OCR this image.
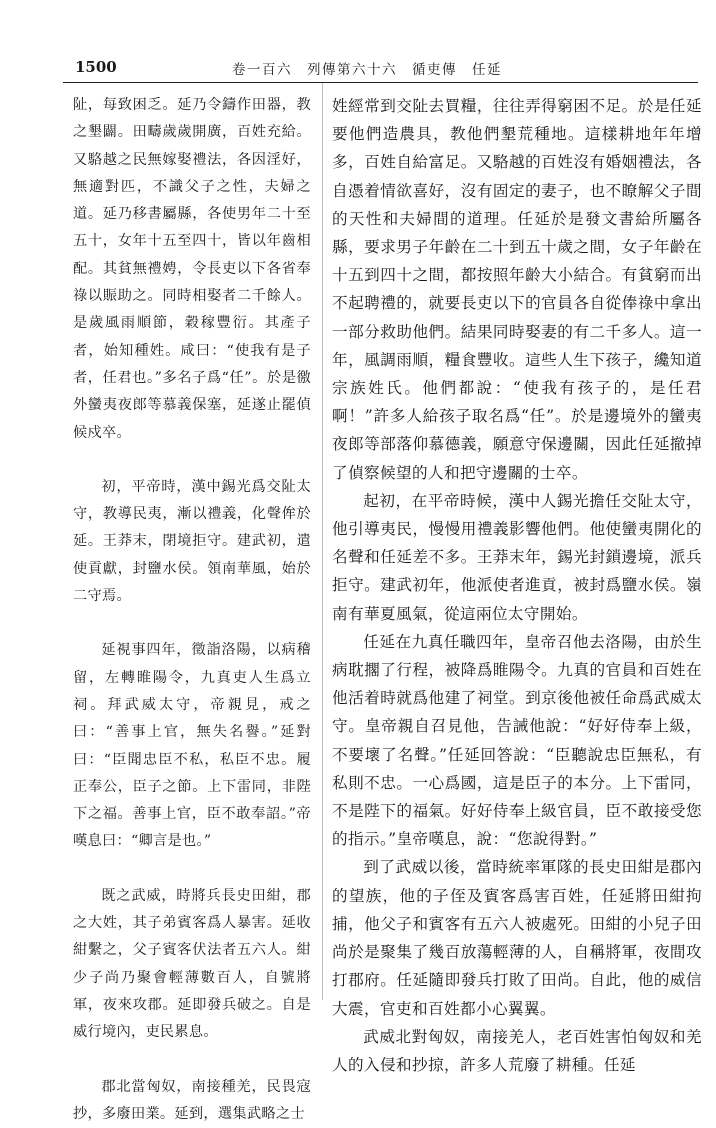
1500	卷一百六　列傳第六十六　循吏傳　任延

阯，每致困乏。延乃令鑄作田器，教之墾闢。田疇歲歲開廣，百姓充給。又駱越之民無嫁娶禮法，各因淫好，無適對匹，不識父子之性，夫婦之道。延乃移書屬縣，各使男年二十至五十，女年十五至四十，皆以年齒相配。其貧無禮娉，令長吏以下各省奉祿以賑助之。同時相娶者二千餘人。是歲風雨順節，穀稼豐衍。其產子者，始知種姓。咸曰：“使我有是子者，任君也。”多名子爲“任”。於是徼外蠻夷夜郎等慕義保塞，延遂止罷偵候戍卒。

初，平帝時，漢中錫光爲交阯太守，教導民夷，漸以禮義，化聲侔於延。王莽末，閉境拒守。建武初，遣使貢獻，封鹽水侯。領南華風，始於二守焉。

延視事四年，徵詣洛陽，以病稽留，左轉睢陽令，九真吏人生爲立祠。拜武威太守，帝親見，戒之曰：“善事上官，無失名譽。”延對曰：“臣聞忠臣不私，私臣不忠。履正奉公，臣子之節。上下雷同，非陛下之福。善事上官，臣不敢奉詔。”帝嘆息曰：“卿言是也。”

既之武威，時將兵長史田紺，郡之大姓，其子弟賓客爲人暴害。延收紺繫之，父子賓客伏法者五六人。紺少子尚乃聚會輕薄數百人，自號將軍，夜來攻郡。延即發兵破之。自是威行境內，吏民累息。

郡北當匈奴，南接種羌，民畏寇抄，多廢田業。延到，選集武略之士

姓經常到交阯去買糧，往往弄得窮困不足。於是任延要他們造農具，教他們墾荒種地。這樣耕地年年增多，百姓自給富足。又駱越的百姓沒有婚姻禮法，各自憑着情欲喜好，沒有固定的妻子，也不瞭解父子間的天性和夫婦間的道理。任延於是發文書給所屬各縣，要求男子年齡在二十到五十歲之間，女子年齡在十五到四十之間，都按照年齡大小結合。有貧窮而出不起聘禮的，就要長吏以下的官員各自從俸祿中拿出一部分救助他們。結果同時娶妻的有二千多人。這一年，風調雨順，糧食豐收。這些人生下孩子，纔知道宗族姓氏。他們都說：“使我有孩子的，是任君啊！”許多人給孩子取名爲“任”。於是邊境外的蠻夷夜郎等部落仰慕德義，願意守保邊關，因此任延撤掉了偵察候望的人和把守邊關的士卒。

起初，在平帝時候，漢中人錫光擔任交阯太守，他引導夷民，慢慢用禮義影響他們。他使蠻夷開化的名聲和任延差不多。王莽末年，錫光封鎖邊境，派兵拒守。建武初年，他派使者進貢，被封爲鹽水侯。嶺南有華夏風氣，從這兩位太守開始。

任延在九真任職四年，皇帝召他去洛陽，由於生病耽擱了行程，被降爲睢陽令。九真的官員和百姓在他活着時就爲他建了祠堂。到京後他被任命爲武威太守。皇帝親自召見他，告誡他說：“好好侍奉上級，不要壞了名聲。”任延回答說：“臣聽說忠臣無私，有私則不忠。一心爲國，這是臣子的本分。上下雷同，不是陛下的福氣。好好侍奉上級官員，臣不敢接受您的指示。”皇帝嘆息，說：“您說得對。”

到了武威以後，當時統率軍隊的長史田紺是郡內的望族，他的子侄及賓客爲害百姓，任延將田紺拘捕，他父子和賓客有五六人被處死。田紺的小兒子田尚於是聚集了幾百放蕩輕薄的人，自稱將軍，夜間攻打郡府。任延隨即發兵打敗了田尚。自此，他的威信大震，官吏和百姓都小心翼翼。

武威北對匈奴，南接羌人，老百姓害怕匈奴和羌人的入侵和抄掠，許多人荒廢了耕種。任延
